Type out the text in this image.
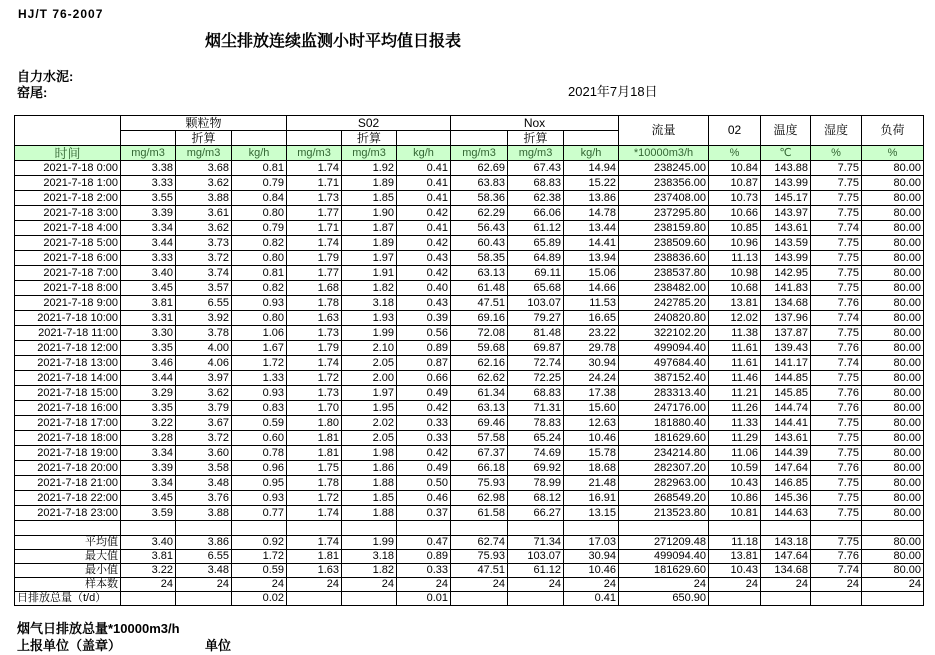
HJ/T 76-2007
烟尘排放连续监测小时平均值日报表
自力水泥:
窑尾:	2021年7月18日
	颗粒物			S02			Nox			流量	02	温度	湿度	负荷
		折算			折算			折算						
时间	mg/m3	mg/m3	kg/h	mg/m3	mg/m3	kg/h	mg/m3	mg/m3	kg/h	*10000m3/h	%	℃	%	%
2021-7-18 0:00	3.38	3.68	0.81	1.74	1.92	0.41	62.69	67.43	14.94	238245.00	10.84	143.88	7.75	80.00
2021-7-18 1:00	3.33	3.62	0.79	1.71	1.89	0.41	63.83	68.83	15.22	238356.00	10.87	143.99	7.75	80.00
2021-7-18 2:00	3.55	3.88	0.84	1.73	1.85	0.41	58.36	62.38	13.86	237408.00	10.73	145.17	7.75	80.00
2021-7-18 3:00	3.39	3.61	0.80	1.77	1.90	0.42	62.29	66.06	14.78	237295.80	10.66	143.97	7.75	80.00
2021-7-18 4:00	3.34	3.62	0.79	1.71	1.87	0.41	56.43	61.12	13.44	238159.80	10.85	143.61	7.74	80.00
2021-7-18 5:00	3.44	3.73	0.82	1.74	1.89	0.42	60.43	65.89	14.41	238509.60	10.96	143.59	7.75	80.00
2021-7-18 6:00	3.33	3.72	0.80	1.79	1.97	0.43	58.35	64.89	13.94	238836.60	11.13	143.99	7.75	80.00
2021-7-18 7:00	3.40	3.74	0.81	1.77	1.91	0.42	63.13	69.11	15.06	238537.80	10.98	142.95	7.75	80.00
2021-7-18 8:00	3.45	3.57	0.82	1.68	1.82	0.40	61.48	65.68	14.66	238482.00	10.68	141.83	7.75	80.00
2021-7-18 9:00	3.81	6.55	0.93	1.78	3.18	0.43	47.51	103.07	11.53	242785.20	13.81	134.68	7.76	80.00
2021-7-18 10:00	3.31	3.92	0.80	1.63	1.93	0.39	69.16	79.27	16.65	240820.80	12.02	137.96	7.74	80.00
2021-7-18 11:00	3.30	3.78	1.06	1.73	1.99	0.56	72.08	81.48	23.22	322102.20	11.38	137.87	7.75	80.00
2021-7-18 12:00	3.35	4.00	1.67	1.79	2.10	0.89	59.68	69.87	29.78	499094.40	11.61	139.43	7.76	80.00
2021-7-18 13:00	3.46	4.06	1.72	1.74	2.05	0.87	62.16	72.74	30.94	497684.40	11.61	141.17	7.74	80.00
2021-7-18 14:00	3.44	3.97	1.33	1.72	2.00	0.66	62.62	72.25	24.24	387152.40	11.46	144.85	7.75	80.00
2021-7-18 15:00	3.29	3.62	0.93	1.73	1.97	0.49	61.34	68.83	17.38	283313.40	11.21	145.85	7.76	80.00
2021-7-18 16:00	3.35	3.79	0.83	1.70	1.95	0.42	63.13	71.31	15.60	247176.00	11.26	144.74	7.76	80.00
2021-7-18 17:00	3.22	3.67	0.59	1.80	2.02	0.33	69.46	78.83	12.63	181880.40	11.33	144.41	7.75	80.00
2021-7-18 18:00	3.28	3.72	0.60	1.81	2.05	0.33	57.58	65.24	10.46	181629.60	11.29	143.61	7.75	80.00
2021-7-18 19:00	3.34	3.60	0.78	1.81	1.98	0.42	67.37	74.69	15.78	234214.80	11.06	144.39	7.75	80.00
2021-7-18 20:00	3.39	3.58	0.96	1.75	1.86	0.49	66.18	69.92	18.68	282307.20	10.59	147.64	7.76	80.00
2021-7-18 21:00	3.34	3.48	0.95	1.78	1.88	0.50	75.93	78.99	21.48	282963.00	10.43	146.85	7.75	80.00
2021-7-18 22:00	3.45	3.76	0.93	1.72	1.85	0.46	62.98	68.12	16.91	268549.20	10.86	145.36	7.75	80.00
2021-7-18 23:00	3.59	3.88	0.77	1.74	1.88	0.37	61.58	66.27	13.15	213523.80	10.81	144.63	7.75	80.00

平均值	3.40	3.86	0.92	1.74	1.99	0.47	62.74	71.34	17.03	271209.48	11.18	143.18	7.75	80.00
最大值	3.81	6.55	1.72	1.81	3.18	0.89	75.93	103.07	30.94	499094.40	13.81	147.64	7.76	80.00
最小值	3.22	3.48	0.59	1.63	1.82	0.33	47.51	61.12	10.46	181629.60	10.43	134.68	7.74	80.00
样本数	24	24	24	24	24	24	24	24	24	24	24	24	24	24
日排放总量（t/d）			0.02			0.01			0.41	650.90				
烟气日排放总量*10000m3/h
上报单位（盖章）	单位
